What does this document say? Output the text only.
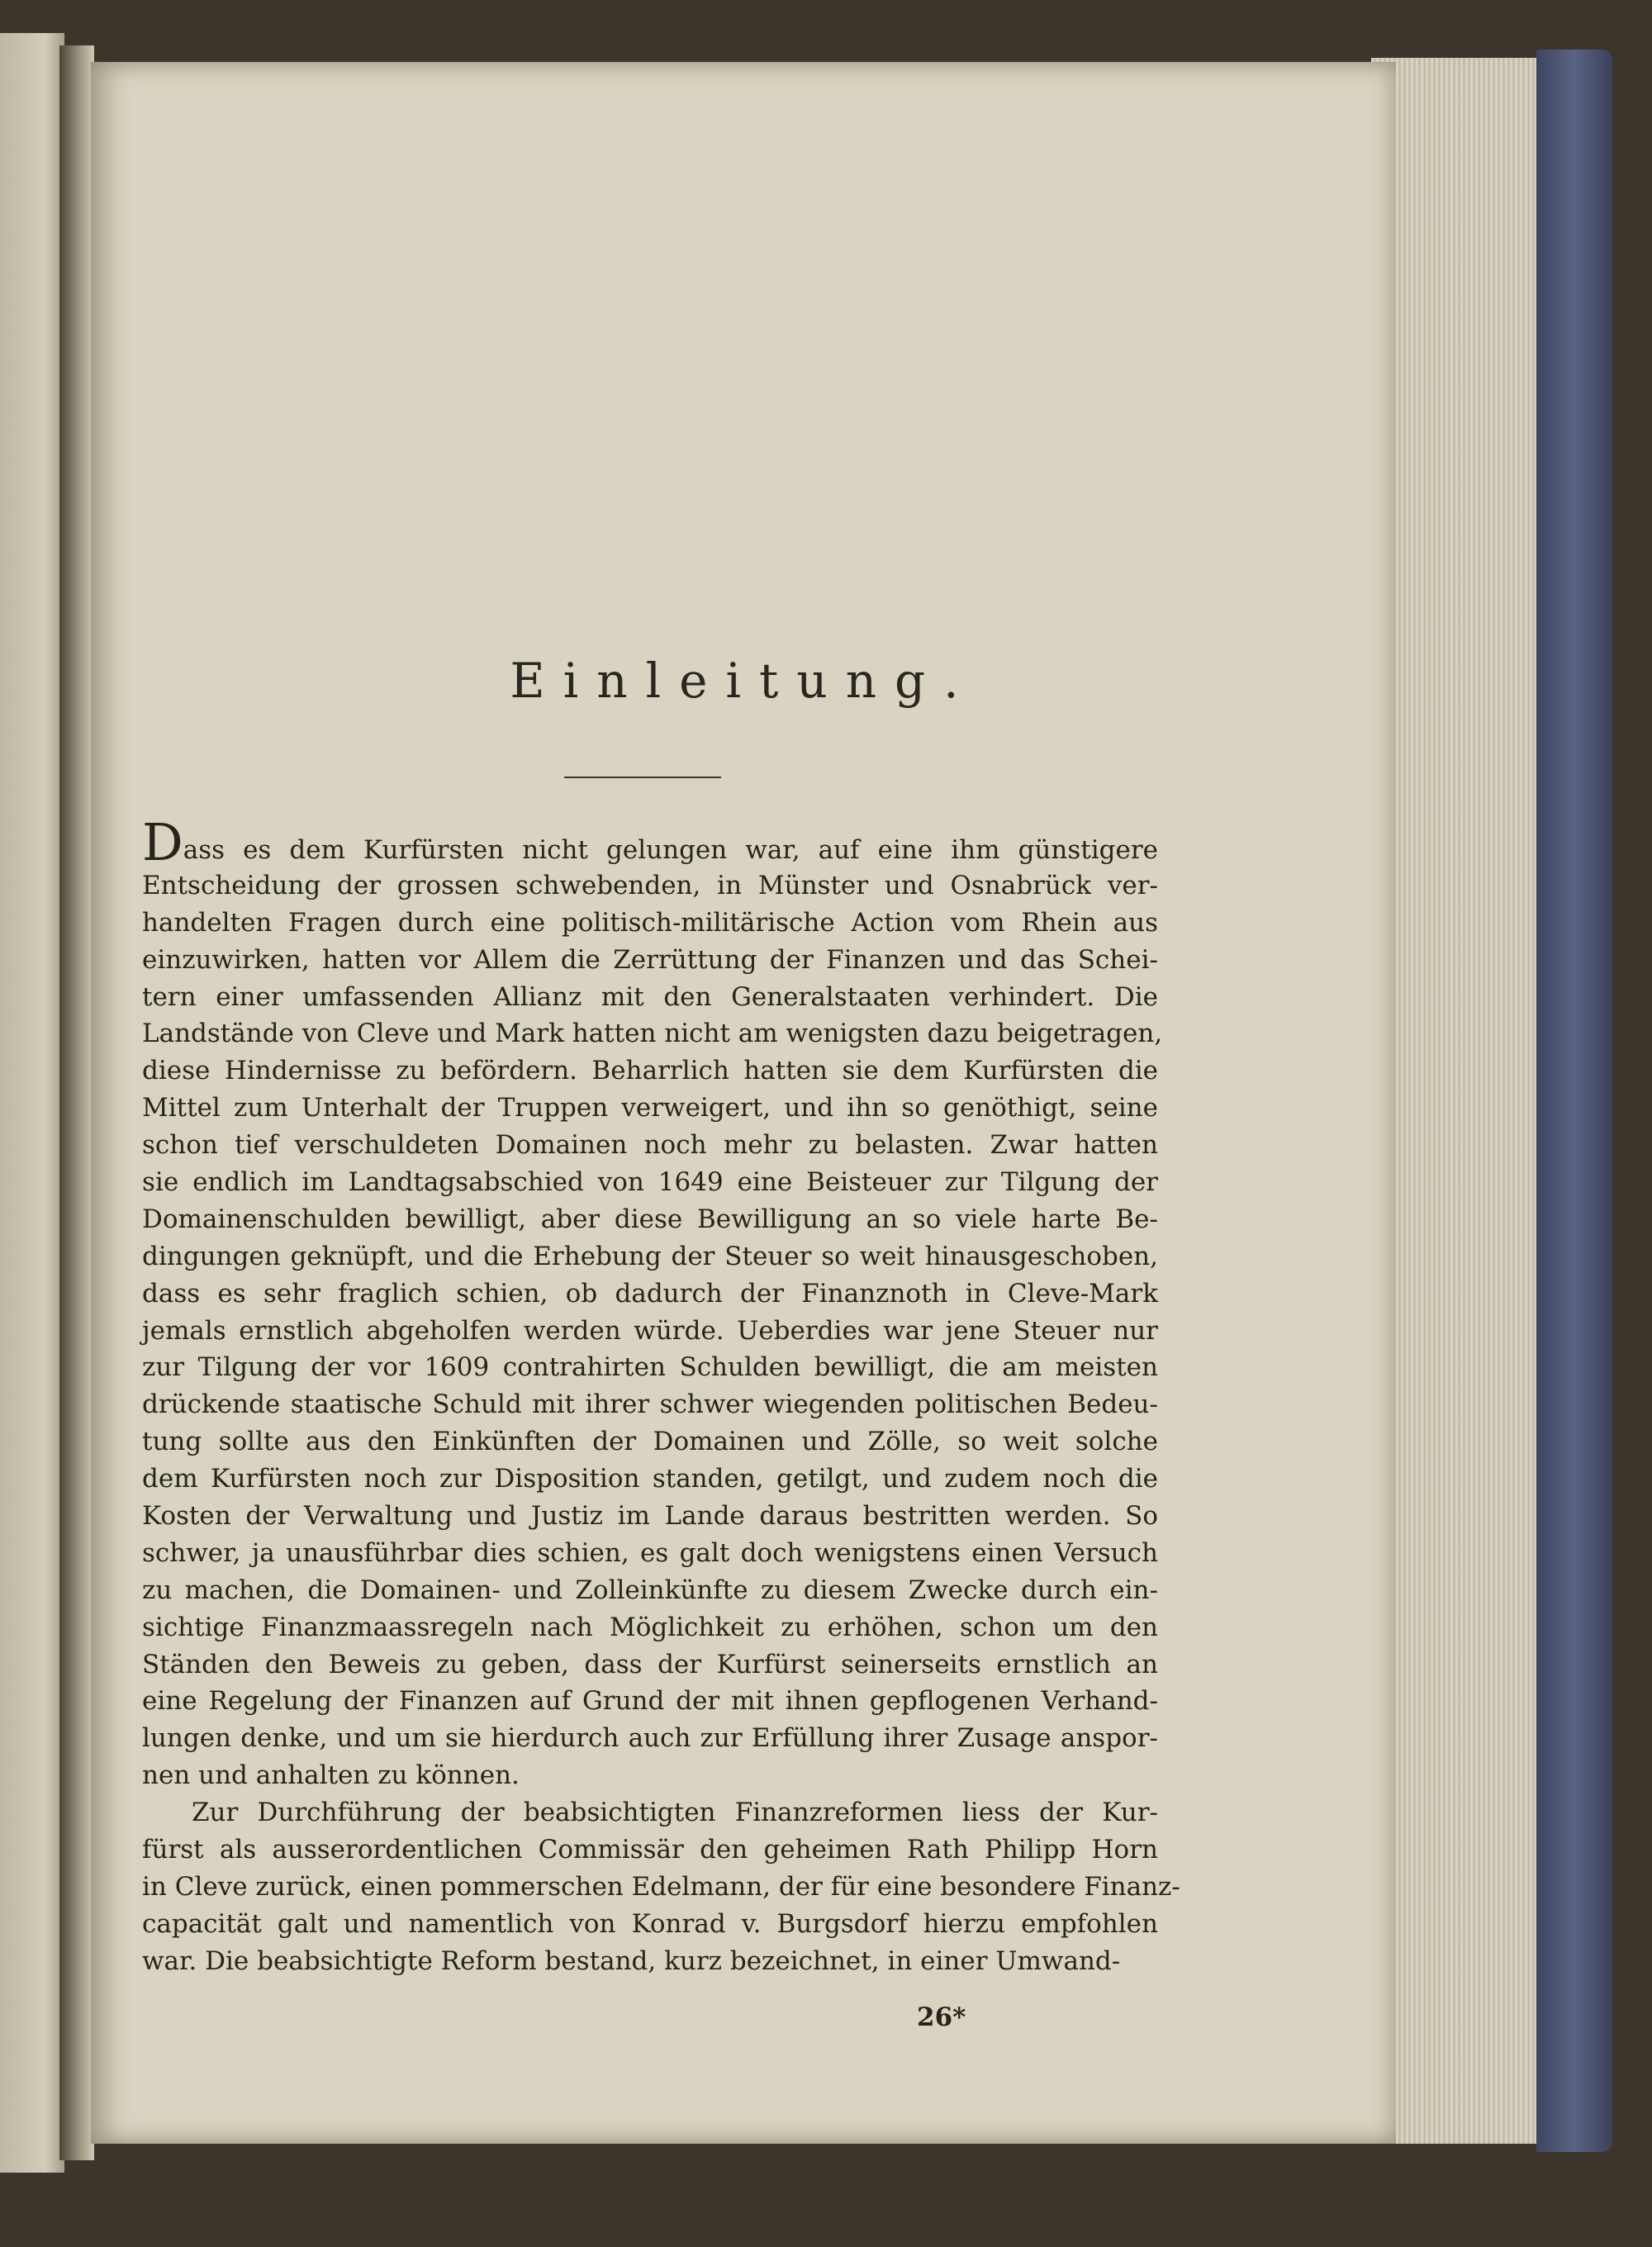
Einleitung.
Dass es dem Kurfürsten nicht gelungen war, auf eine ihm günstigere
Entscheidung der grossen schwebenden, in Münster und Osnabrück ver-
handelten Fragen durch eine politisch-militärische Action vom Rhein aus
einzuwirken, hatten vor Allem die Zerrüttung der Finanzen und das Schei-
tern einer umfassenden Allianz mit den Generalstaaten verhindert. Die
Landstände von Cleve und Mark hatten nicht am wenigsten dazu beigetragen,
diese Hindernisse zu befördern. Beharrlich hatten sie dem Kurfürsten die
Mittel zum Unterhalt der Truppen verweigert, und ihn so genöthigt, seine
schon tief verschuldeten Domainen noch mehr zu belasten. Zwar hatten
sie endlich im Landtagsabschied von 1649 eine Beisteuer zur Tilgung der
Domainenschulden bewilligt, aber diese Bewilligung an so viele harte Be-
dingungen geknüpft, und die Erhebung der Steuer so weit hinausgeschoben,
dass es sehr fraglich schien, ob dadurch der Finanznoth in Cleve-Mark
jemals ernstlich abgeholfen werden würde. Ueberdies war jene Steuer nur
zur Tilgung der vor 1609 contrahirten Schulden bewilligt, die am meisten
drückende staatische Schuld mit ihrer schwer wiegenden politischen Bedeu-
tung sollte aus den Einkünften der Domainen und Zölle, so weit solche
dem Kurfürsten noch zur Disposition standen, getilgt, und zudem noch die
Kosten der Verwaltung und Justiz im Lande daraus bestritten werden. So
schwer, ja unausführbar dies schien, es galt doch wenigstens einen Versuch
zu machen, die Domainen- und Zolleinkünfte zu diesem Zwecke durch ein-
sichtige Finanzmaassregeln nach Möglichkeit zu erhöhen, schon um den
Ständen den Beweis zu geben, dass der Kurfürst seinerseits ernstlich an
eine Regelung der Finanzen auf Grund der mit ihnen gepflogenen Verhand-
lungen denke, und um sie hierdurch auch zur Erfüllung ihrer Zusage anspor-
nen und anhalten zu können.
Zur Durchführung der beabsichtigten Finanzreformen liess der Kur-
fürst als ausserordentlichen Commissär den geheimen Rath Philipp Horn
in Cleve zurück, einen pommerschen Edelmann, der für eine besondere Finanz-
capacität galt und namentlich von Konrad v. Burgsdorf hierzu empfohlen
war. Die beabsichtigte Reform bestand, kurz bezeichnet, in einer Umwand-
26*
